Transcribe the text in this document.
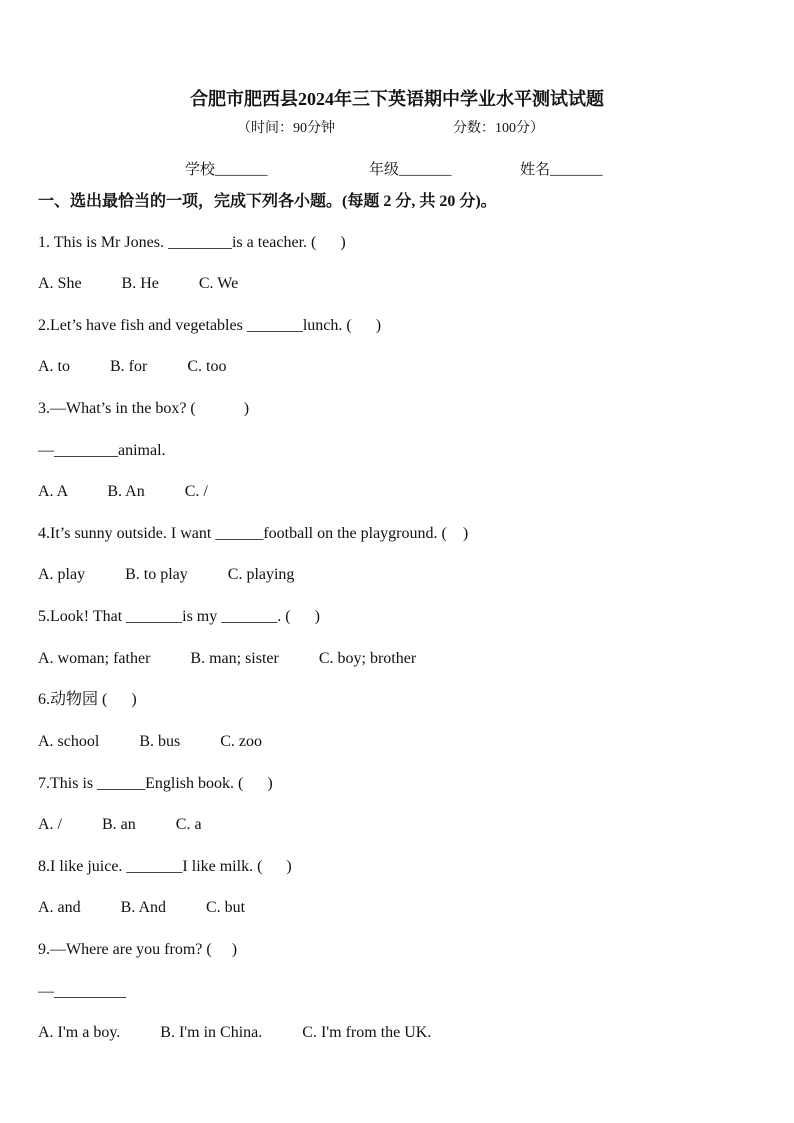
合肥市肥西县2024年三下英语期中学业水平测试试题
（时间：90分钟	分数：100分）
学校_______	年级_______	姓名_______
一、选出最恰当的一项，完成下列各小题。(每题 2 分, 共 20 分)。
1. This is Mr Jones. ________is a teacher. (      )
A. She          B. He          C. We
2.Let’s have fish and vegetables _______lunch. (      )
A. to          B. for          C. too
3.—What’s in the box? (            )
—________animal.
A. A          B. An          C. /
4.It’s sunny outside. I want ______football on the playground. (    )
A. play          B. to play          C. playing
5.Look! That _______is my _______. (      )
A. woman; father          B. man; sister          C. boy; brother
6.动物园 (      )
A. school          B. bus          C. zoo
7.This is ______English book. (      )
A. /          B. an          C. a
8.I like juice. _______I like milk. (      )
A. and          B. And          C. but
9.—Where are you from? (     )
—_________
A. I'm a boy.          B. I'm in China.          C. I'm from the UK.
